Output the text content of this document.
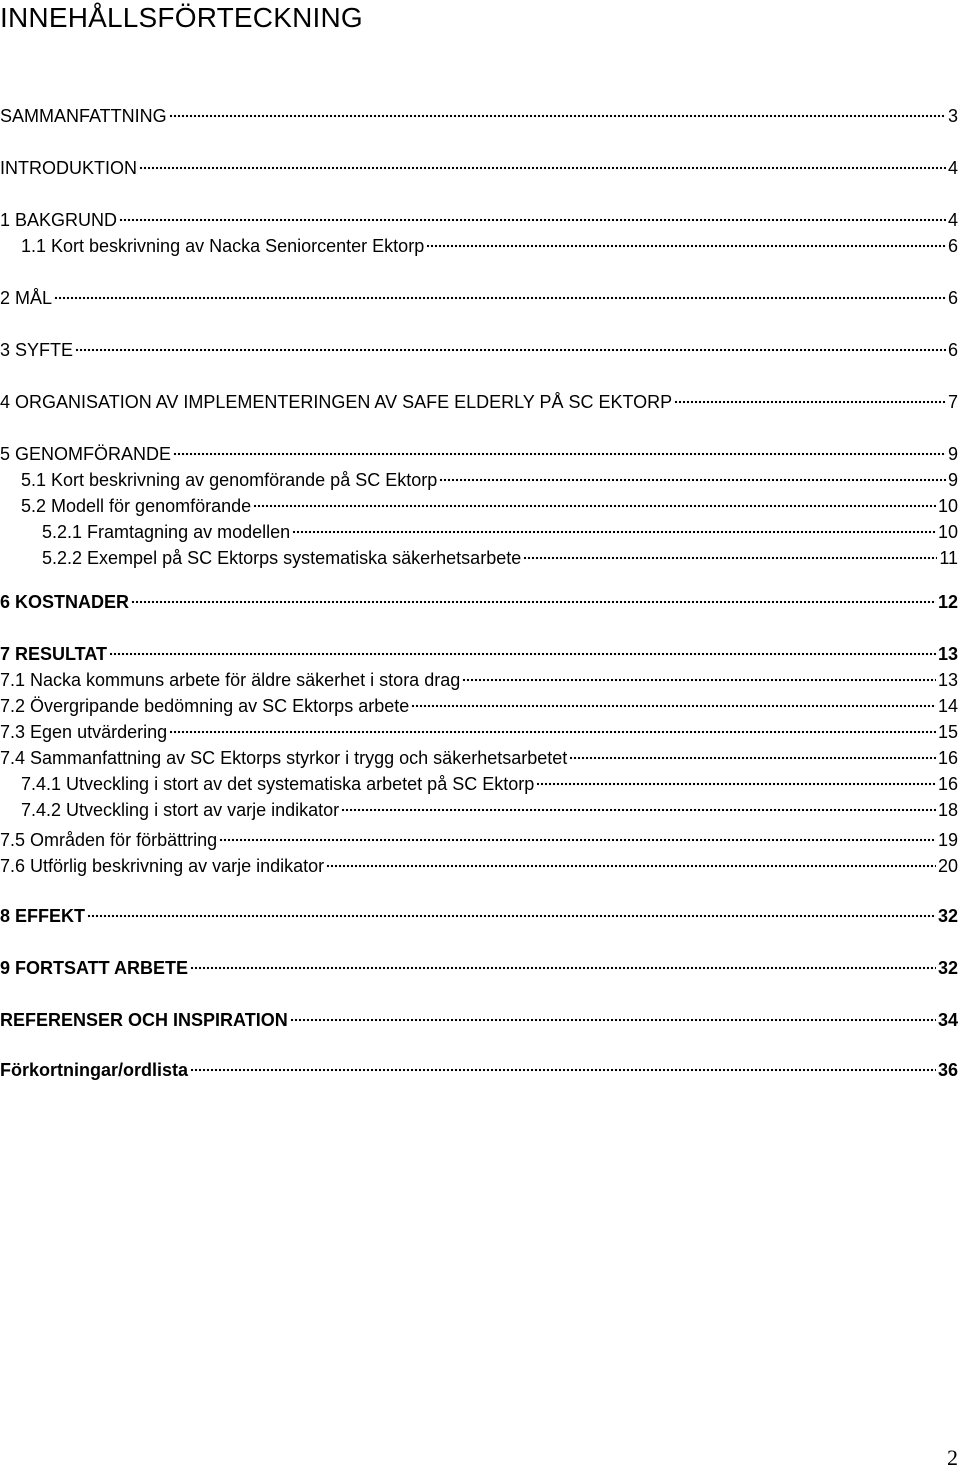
INNEHÅLLSFÖRTECKNING
SAMMANFATTNING	3
INTRODUKTION	4
1 BAKGRUND	4
1.1 Kort beskrivning av Nacka Seniorcenter Ektorp	6
2 MÅL	6
3 SYFTE	6
4 ORGANISATION AV IMPLEMENTERINGEN AV SAFE ELDERLY PÅ SC EKTORP	7
5 GENOMFÖRANDE	9
5.1 Kort beskrivning av genomförande på SC Ektorp	9
5.2 Modell för genomförande	10
5.2.1 Framtagning av modellen	10
5.2.2 Exempel på SC Ektorps systematiska säkerhetsarbete	11
6 KOSTNADER	12
7 RESULTAT	13
7.1 Nacka kommuns arbete för äldre säkerhet i stora drag	13
7.2 Övergripande bedömning av SC Ektorps arbete	14
7.3 Egen utvärdering	15
7.4 Sammanfattning av SC Ektorps styrkor i trygg och säkerhetsarbetet	16
7.4.1 Utveckling i stort av det systematiska arbetet på SC Ektorp	16
7.4.2 Utveckling i stort av varje indikator	18
7.5 Områden för förbättring	19
7.6 Utförlig beskrivning av varje indikator	20
8 EFFEKT	32
9 FORTSATT ARBETE	32
REFERENSER OCH INSPIRATION	34
Förkortningar/ordlista	36
2
